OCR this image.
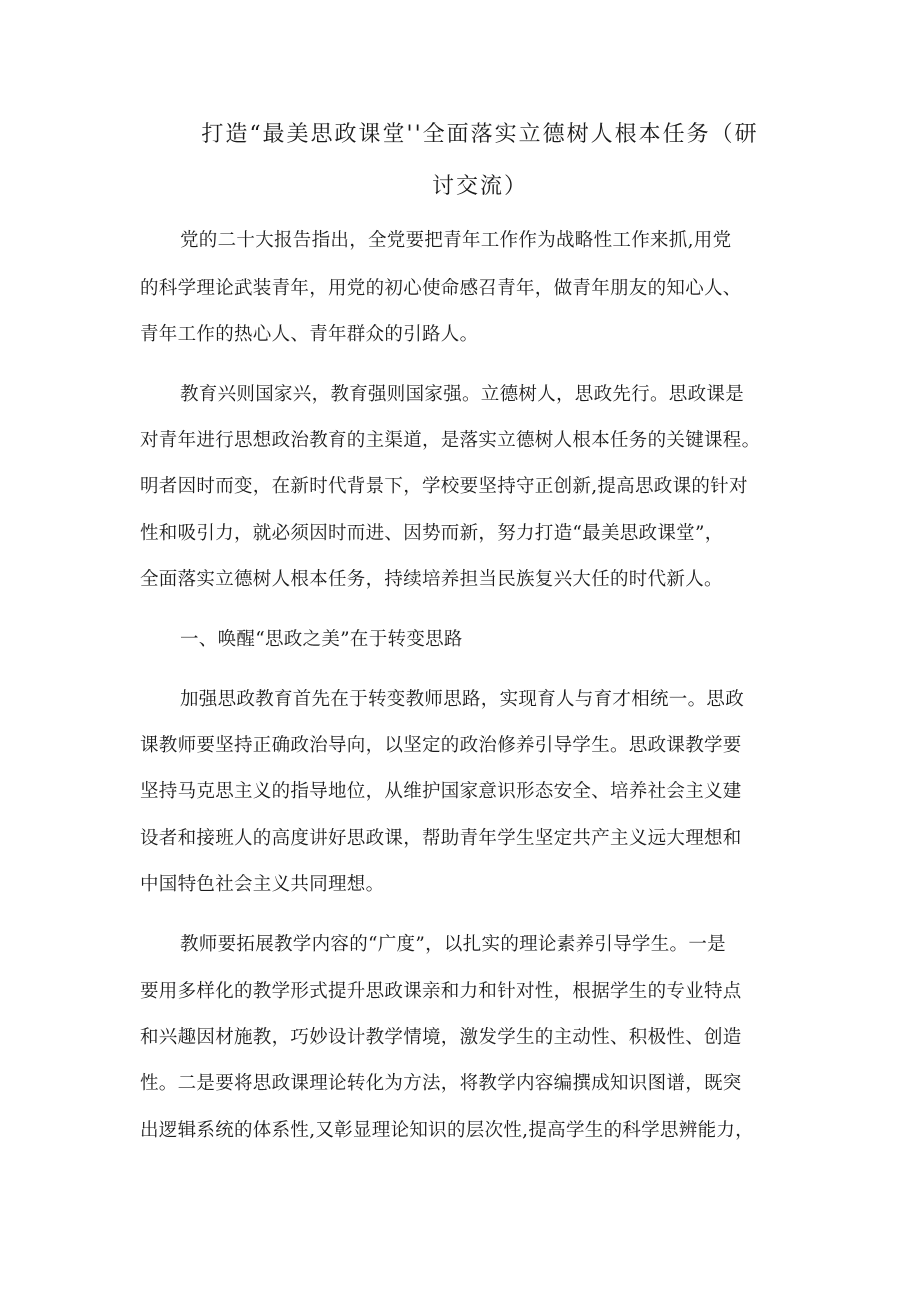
打造“最美思政课堂''全面落实立德树人根本任务（研
讨交流）
党的二十大报告指出，全党要把青年工作作为战略性工作来抓,用党
的科学理论武装青年，用党的初心使命感召青年，做青年朋友的知心人、
青年工作的热心人、青年群众的引路人。
教育兴则国家兴，教育强则国家强。立德树人，思政先行。思政课是
对青年进行思想政治教育的主渠道，是落实立德树人根本任务的关键课程。
明者因时而变，在新时代背景下，学校要坚持守正创新,提高思政课的针对
性和吸引力，就必须因时而进、因势而新，努力打造“最美思政课堂”，
全面落实立德树人根本任务，持续培养担当民族复兴大任的时代新人。
一、唤醒“思政之美”在于转变思路
加强思政教育首先在于转变教师思路，实现育人与育才相统一。思政
课教师要坚持正确政治导向，以坚定的政治修养引导学生。思政课教学要
坚持马克思主义的指导地位，从维护国家意识形态安全、培养社会主义建
设者和接班人的高度讲好思政课，帮助青年学生坚定共产主义远大理想和
中国特色社会主义共同理想。
教师要拓展教学内容的“广度”，以扎实的理论素养引导学生。一是
要用多样化的教学形式提升思政课亲和力和针对性，根据学生的专业特点
和兴趣因材施教，巧妙设计教学情境，激发学生的主动性、积极性、创造
性。二是要将思政课理论转化为方法，将教学内容编撰成知识图谱，既突
出逻辑系统的体系性,又彰显理论知识的层次性,提高学生的科学思辨能力，
